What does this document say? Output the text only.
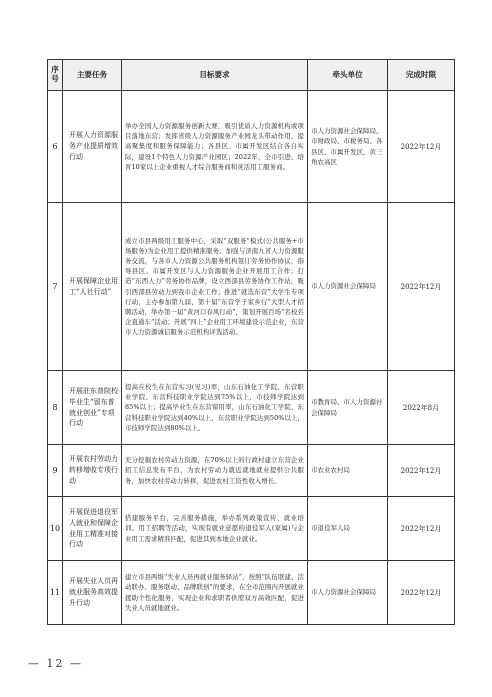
序号	主要任务	目标要求	牵头单位	完成时限
6	开展人力资源服务产业提质增效行动	举办全国人力资源服务创新大赛，吸引优质人力资源机构或项目落地东营；发挥省级人力资源服务产业园龙头带动作用，提高聚集度和服务保障能力；各县区、市属开发区结合各自实际，建设1个特色人力资源产业园区；2022年，全市引进、培育10家以上企业重视人才综合服务商和灵活用工服务商。	市人力资源社会保障局、市财政局、市税务局、各县区、市属开发区，黄三角农高区	2022年12月
7	开展保障企业用工“人社行动”	成立市县两级用工服务中心，采取“双服务”模式(公共服务+市场服务)为企业用工提供精准服务；加强与济南九省人力资源服务交流，与各市人力资源公共服务机构签订劳务协作协议，指导县区、市属开发区与人力资源服务企业开展用工合作；打造“东西人力”劳务协作品牌，设立西部县劳务协作工作站，吸引西部县劳动力到我市企业工作；推进“就选东营”大学生专项行动，主办参加第九届、第十届“东营学子家乡行”大型人才招聘活动，举办第一届“黄河口春风行动”，策划开展百场“名校名企直通车”活动；开展“四上”企业用工环境建设示范企业，东营市人力资源诚信服务示范机构评选活动。	市人力资源社会保障局	2022年12月
8	开展驻东普院校毕业生“留东普就业创业”专项行动	提高在校生在东营实习(见习)率，山东石油化工学院、东营职业学院、东营科技职业学院达到75%以上，市技师学院达到85%以上；提高毕业生在东营留用率，山东石油化工学院、东营科技职业学院达到40%以上，东营职业学院达到50%以上，市技师学院达到80%以上。	市教育局、市人力资源社会保障局	2022年8月
9	开展农村劳动力转移增收专项行动	充分挖掘农村劳动力资源，在70%以上的行政村建立东营企业招工信息发布平台，为农村劳动力就近就地就业提供公共服务，加快农村劳动力转移，促进农村工资性收入增长。	市农业农村局	2022年12月
10	开展促进退役军人就业和保障企业用工精准对接行动	搭建服务平台，完善服务措施，举办系列政策宣传、就业培训、用工招聘等活动，实现有就业意愿的退役军人(家属)与企业用工需求精准匹配，促进其到本地企业就业。	市退役军人局	2022年12月
11	开展失业人员再就业服务高效提升行动	建立市县两级“失业人员再就业服务驿站”，按照“队伍联建、活动联办、服务联动、品牌联创”的要求，在全市范围内开展就业援助个性化服务，实现企业和求职者供需双方高效匹配，促进失业人员就地就业。	市人力资源社会保障局	2022年12月
— 12 —
